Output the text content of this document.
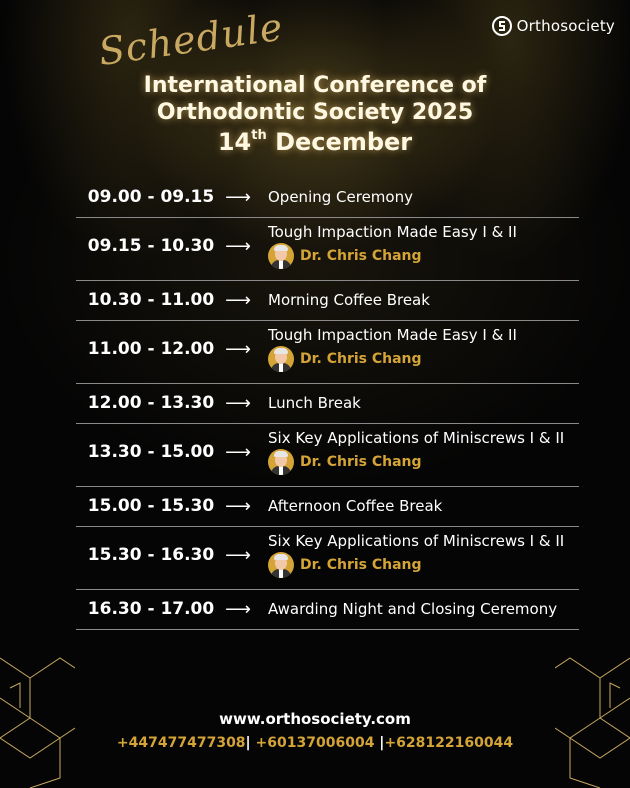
Orthosociety
Schedule
International Conference of
Orthodontic Society 2025
14th December
09.00 - 09.15 ⟶ Opening Ceremony
09.15 - 10.30 ⟶
Tough Impaction Made Easy I & II
Dr. Chris Chang
10.30 - 11.00 ⟶ Morning Coffee Break
11.00 - 12.00 ⟶
Tough Impaction Made Easy I & II
Dr. Chris Chang
12.00 - 13.30 ⟶ Lunch Break
13.30 - 15.00 ⟶
Six Key Applications of Miniscrews I & II
Dr. Chris Chang
15.00 - 15.30 ⟶ Afternoon Coffee Break
15.30 - 16.30 ⟶
Six Key Applications of Miniscrews I & II
Dr. Chris Chang
16.30 - 17.00 ⟶ Awarding Night and Closing Ceremony
www.orthosociety.com
+447477477308| +60137006004 |+628122160044
